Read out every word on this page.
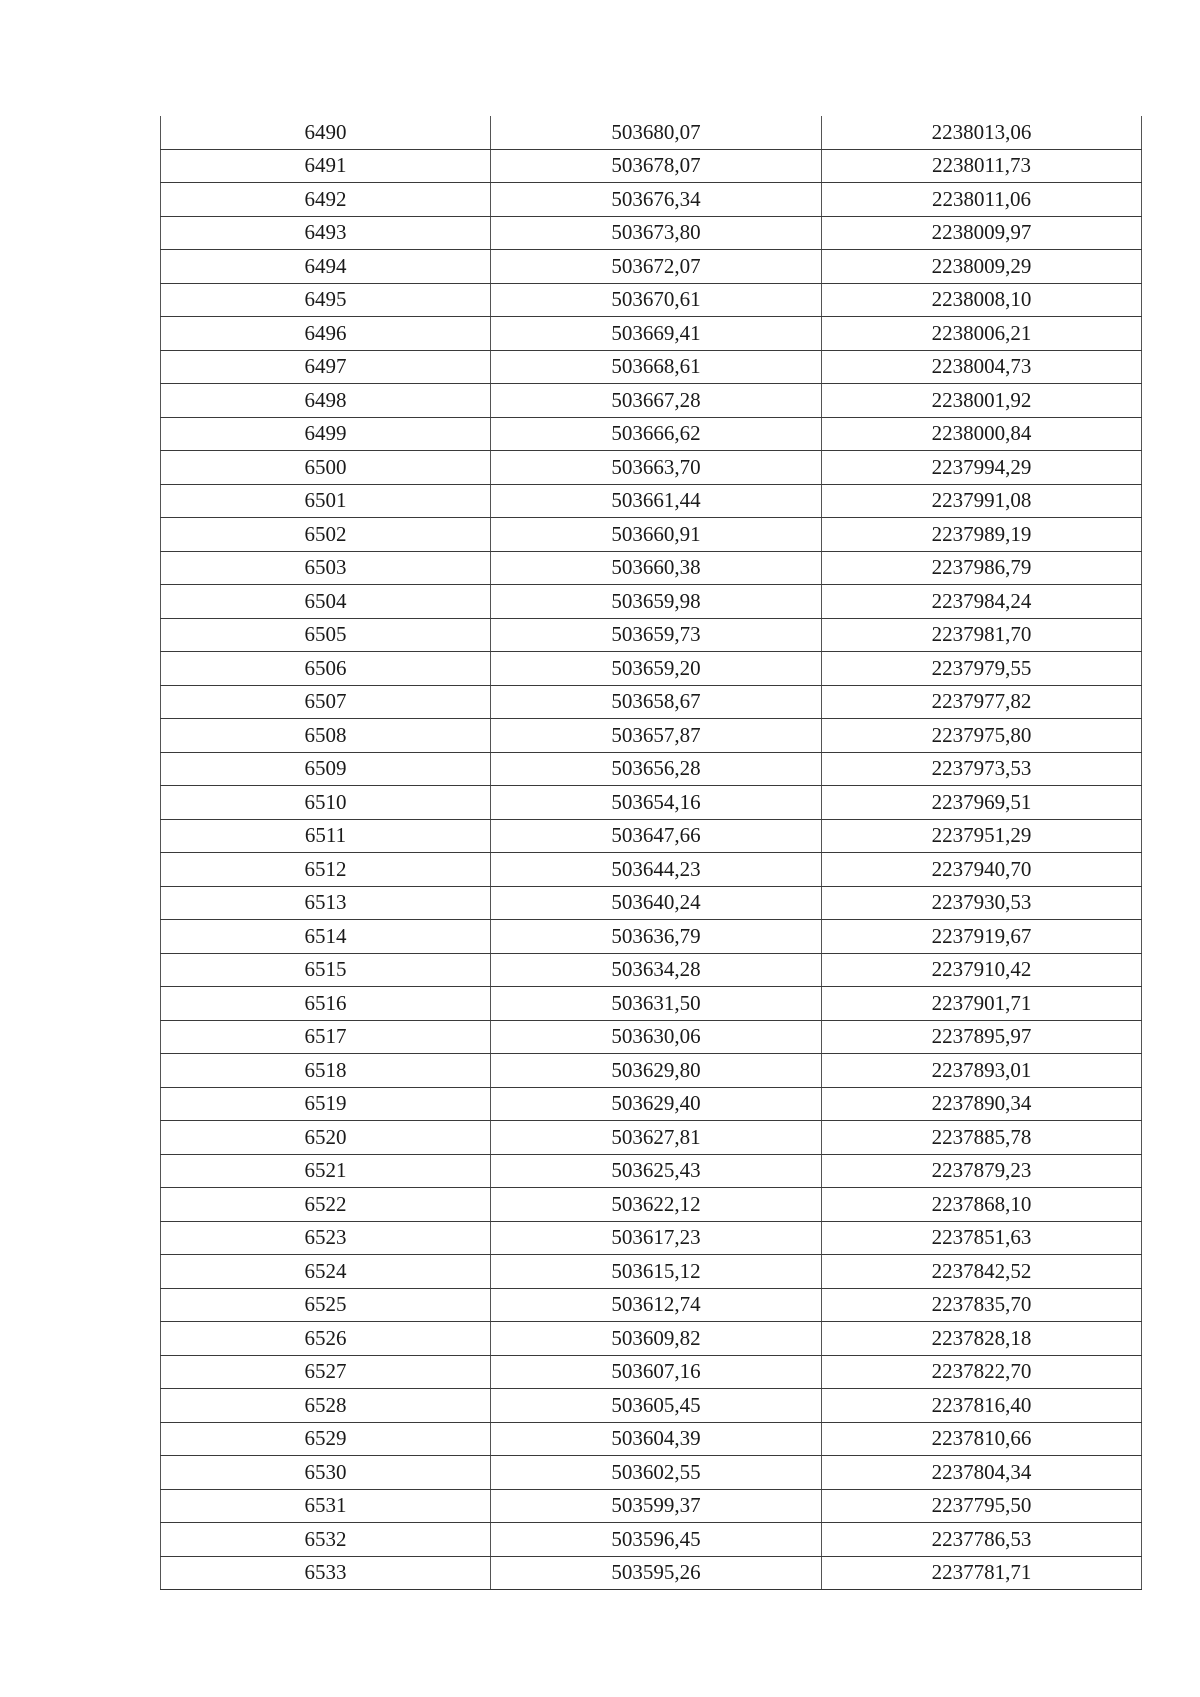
6490	503680,07	2238013,06
6491	503678,07	2238011,73
6492	503676,34	2238011,06
6493	503673,80	2238009,97
6494	503672,07	2238009,29
6495	503670,61	2238008,10
6496	503669,41	2238006,21
6497	503668,61	2238004,73
6498	503667,28	2238001,92
6499	503666,62	2238000,84
6500	503663,70	2237994,29
6501	503661,44	2237991,08
6502	503660,91	2237989,19
6503	503660,38	2237986,79
6504	503659,98	2237984,24
6505	503659,73	2237981,70
6506	503659,20	2237979,55
6507	503658,67	2237977,82
6508	503657,87	2237975,80
6509	503656,28	2237973,53
6510	503654,16	2237969,51
6511	503647,66	2237951,29
6512	503644,23	2237940,70
6513	503640,24	2237930,53
6514	503636,79	2237919,67
6515	503634,28	2237910,42
6516	503631,50	2237901,71
6517	503630,06	2237895,97
6518	503629,80	2237893,01
6519	503629,40	2237890,34
6520	503627,81	2237885,78
6521	503625,43	2237879,23
6522	503622,12	2237868,10
6523	503617,23	2237851,63
6524	503615,12	2237842,52
6525	503612,74	2237835,70
6526	503609,82	2237828,18
6527	503607,16	2237822,70
6528	503605,45	2237816,40
6529	503604,39	2237810,66
6530	503602,55	2237804,34
6531	503599,37	2237795,50
6532	503596,45	2237786,53
6533	503595,26	2237781,71
